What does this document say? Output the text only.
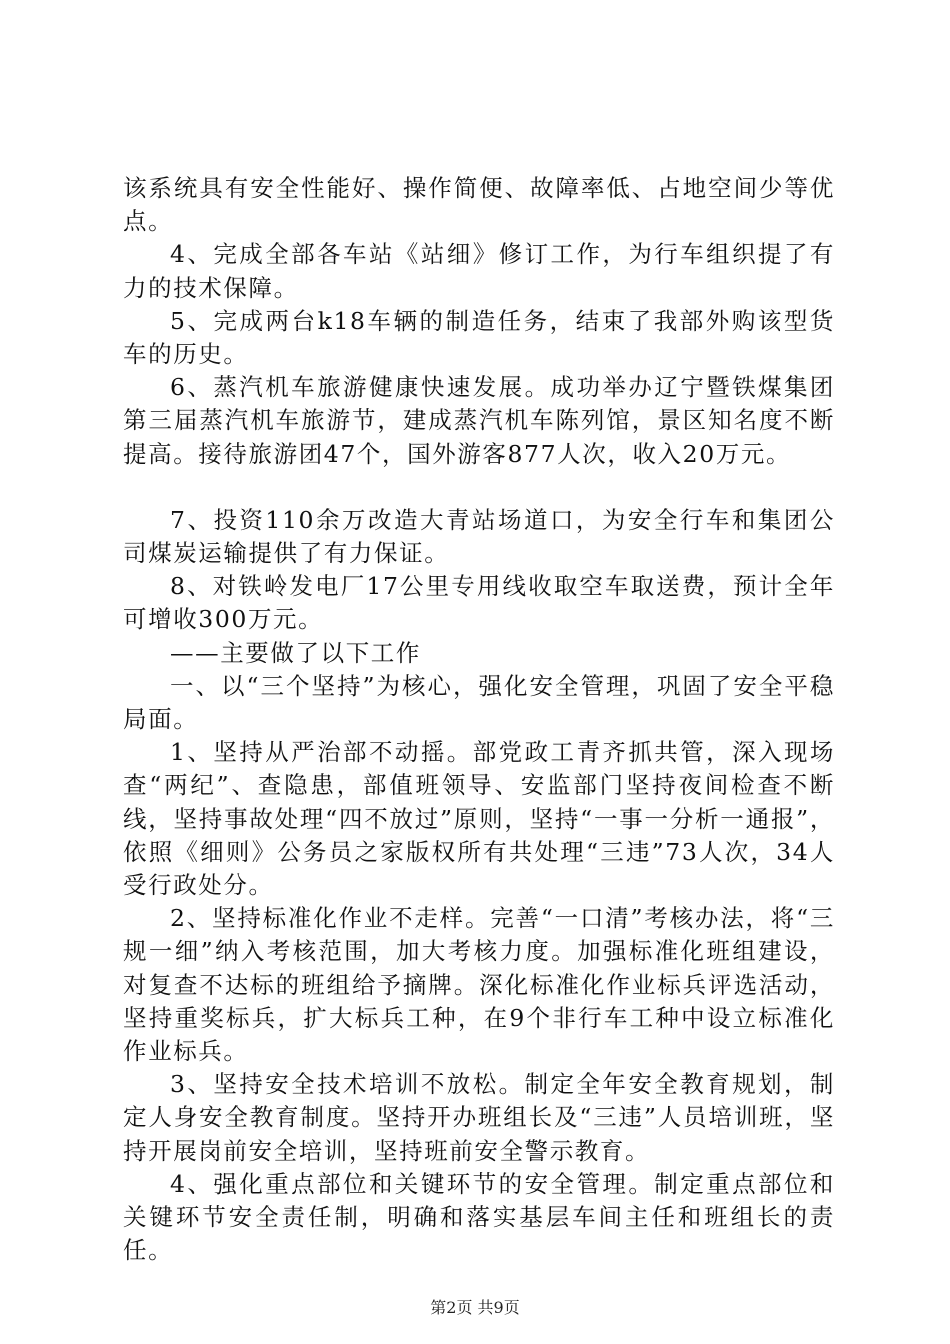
该系统具有安全性能好、操作简便、故障率低、占地空间少等优点。

4、完成全部各车站《站细》修订工作，为行车组织提了有力的技术保障。

5、完成两台k18车辆的制造任务，结束了我部外购该型货车的历史。

6、蒸汽机车旅游健康快速发展。成功举办辽宁暨铁煤集团第三届蒸汽机车旅游节，建成蒸汽机车陈列馆，景区知名度不断提高。接待旅游团47个，国外游客877人次，收入20万元。

7、投资110余万改造大青站场道口，为安全行车和集团公司煤炭运输提供了有力保证。

8、对铁岭发电厂17公里专用线收取空车取送费，预计全年可增收300万元。

——主要做了以下工作

一、以“三个坚持”为核心，强化安全管理，巩固了安全平稳局面。

1、坚持从严治部不动摇。部党政工青齐抓共管，深入现场查“两纪”、查隐患，部值班领导、安监部门坚持夜间检查不断线，坚持事故处理“四不放过”原则，坚持“一事一分析一通报”，依照《细则》公务员之家版权所有共处理“三违”73人次，34人受行政处分。

2、坚持标准化作业不走样。完善“一口清”考核办法，将“三规一细”纳入考核范围，加大考核力度。加强标准化班组建设，对复查不达标的班组给予摘牌。深化标准化作业标兵评选活动，坚持重奖标兵，扩大标兵工种，在9个非行车工种中设立标准化作业标兵。

3、坚持安全技术培训不放松。制定全年安全教育规划，制定人身安全教育制度。坚持开办班组长及“三违”人员培训班，坚持开展岗前安全培训，坚持班前安全警示教育。

4、强化重点部位和关键环节的安全管理。制定重点部位和关键环节安全责任制，明确和落实基层车间主任和班组长的责任。

第2页 共9页
